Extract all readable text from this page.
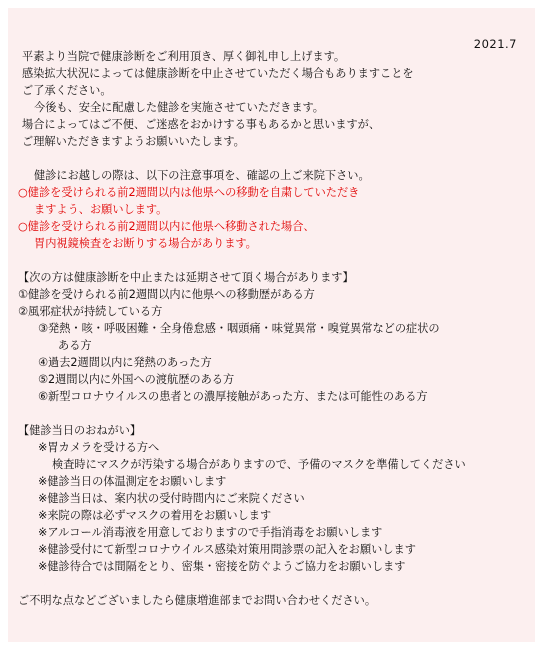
2021.7
平素より当院で健康診断をご利用頂き、厚く御礼申し上げます。
感染拡大状況によっては健康診断を中止させていただく場合もありますことを
ご了承ください。
今後も、安全に配慮した健診を実施させていただきます。
場合によってはご不便、ご迷惑をおかけする事もあるかと思いますが、
ご理解いただきますようお願いいたします。
健診にお越しの際は、以下の注意事項を、確認の上ご来院下さい。
○健診を受けられる前2週間以内は他県への移動を自粛していただき
ますよう、お願いします。
○健診を受けられる前2週間以内に他県へ移動された場合、
胃内視鏡検査をお断りする場合があります。
【次の方は健康診断を中止または延期させて頂く場合があります】
①健診を受けられる前2週間以内に他県への移動歴がある方
②風邪症状が持続している方
③発熱・咳・呼吸困難・全身倦怠感・咽頭痛・味覚異常・嗅覚異常などの症状の
ある方
④過去2週間以内に発熱のあった方
⑤2週間以内に外国への渡航歴のある方
⑥新型コロナウイルスの患者との濃厚接触があった方、または可能性のある方
【健診当日のおねがい】
※胃カメラを受ける方へ
検査時にマスクが汚染する場合がありますので、予備のマスクを準備してください
※健診当日の体温測定をお願いします
※健診当日は、案内状の受付時間内にご来院ください
※来院の際は必ずマスクの着用をお願いします
※アルコール消毒液を用意しておりますので手指消毒をお願いします
※健診受付にて新型コロナウイルス感染対策用問診票の記入をお願いします
※健診待合では間隔をとり、密集・密接を防ぐようご協力をお願いします
ご不明な点などございましたら健康増進部までお問い合わせください。
